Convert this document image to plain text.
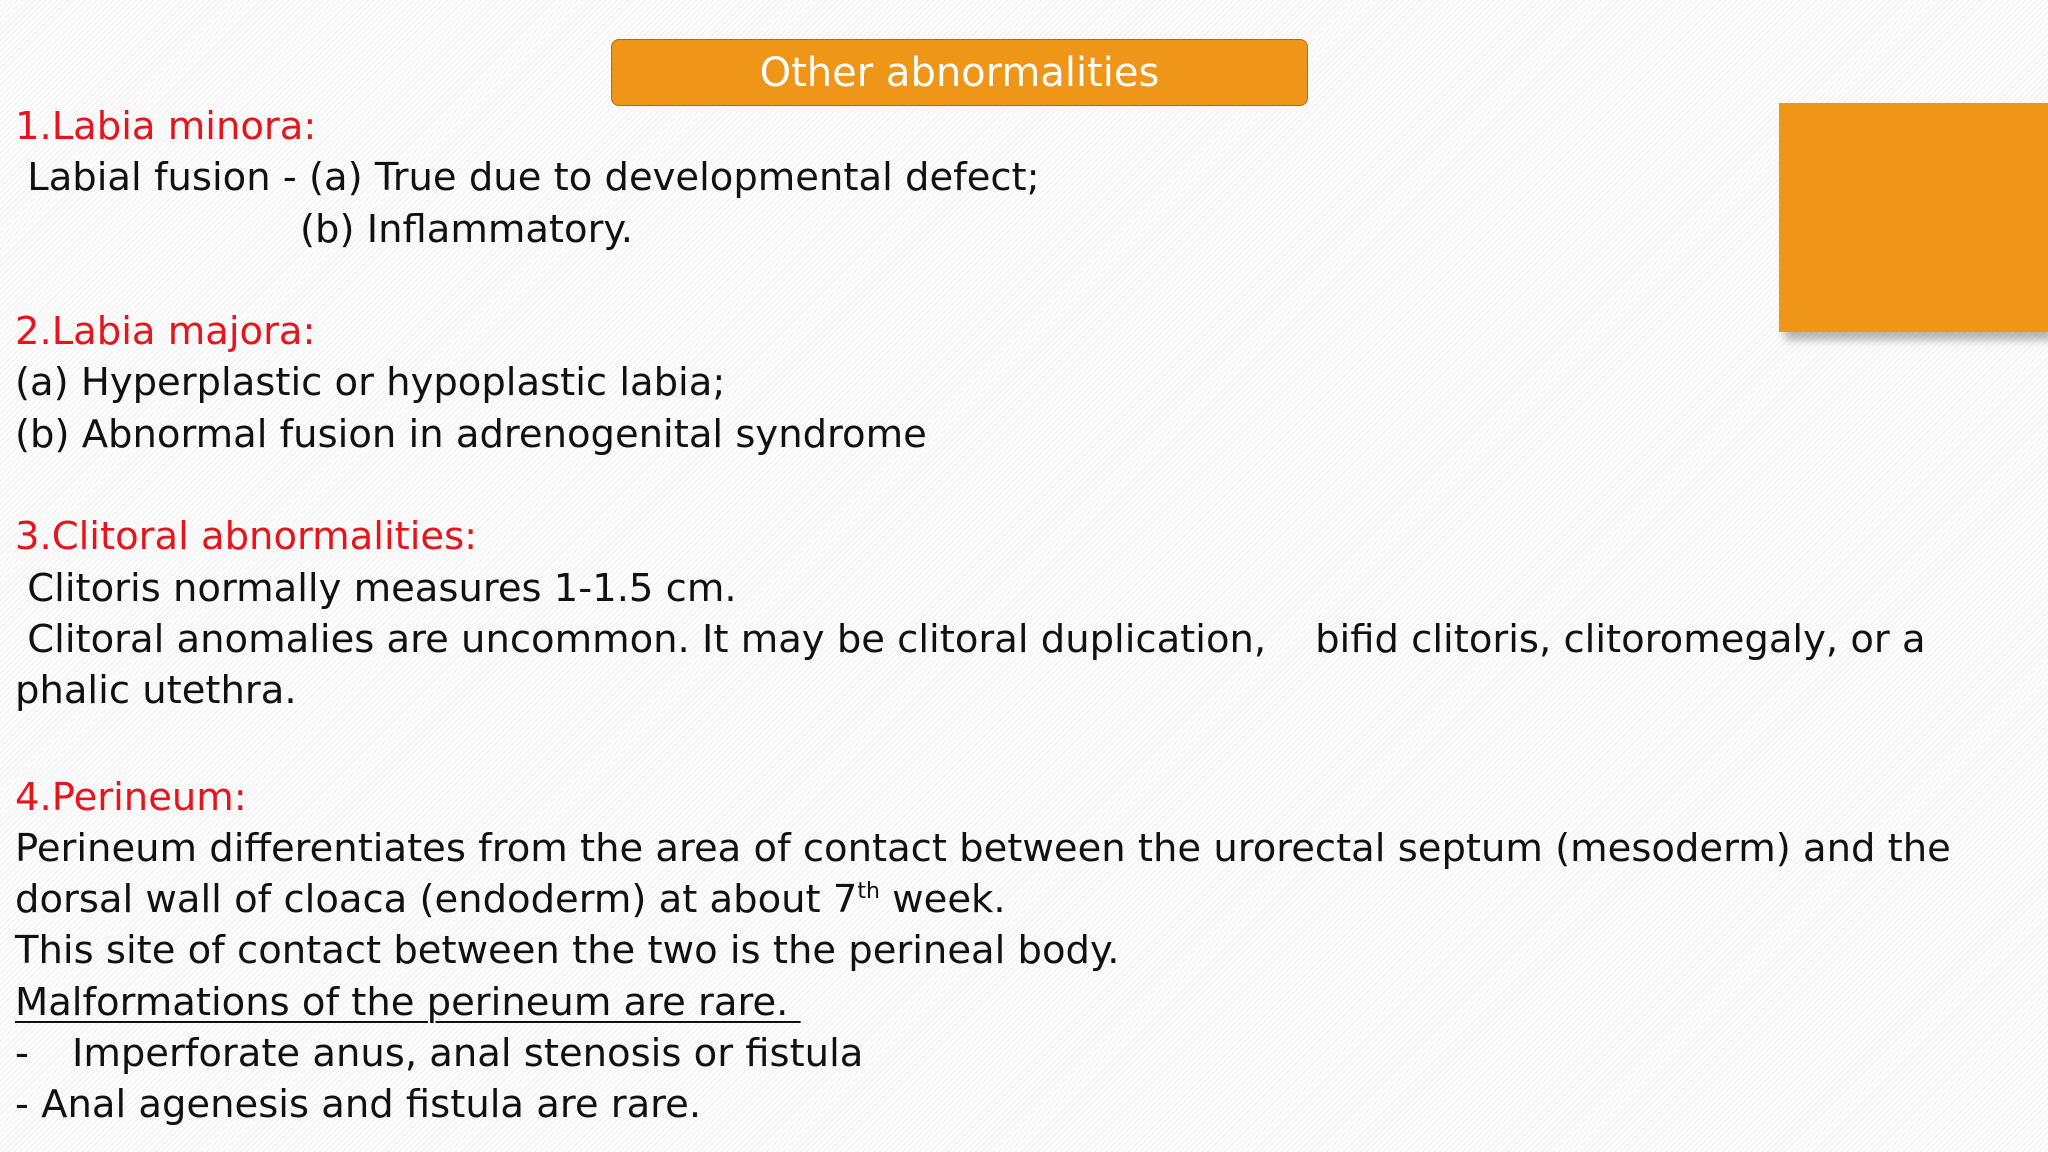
Other abnormalities
1.Labia minora:
Labial fusion - (a) True due to developmental defect;
(b) Inflammatory.
2.Labia majora:
(a) Hyperplastic or hypoplastic labia;
(b) Abnormal fusion in adrenogenital syndrome
3.Clitoral abnormalities:
Clitoris normally measures 1-1.5 cm.
Clitoral anomalies are uncommon. It may be clitoral duplication,    bifid clitoris, clitoromegaly, or a phalic utethra.
4.Perineum:
Perineum differentiates from the area of contact between the urorectal septum (mesoderm) and the dorsal wall of cloaca (endoderm) at about 7th week.
This site of contact between the two is the perineal body.
Malformations of the perineum are rare.
- Imperforate anus, anal stenosis or fistula
- Anal agenesis and fistula are rare.
